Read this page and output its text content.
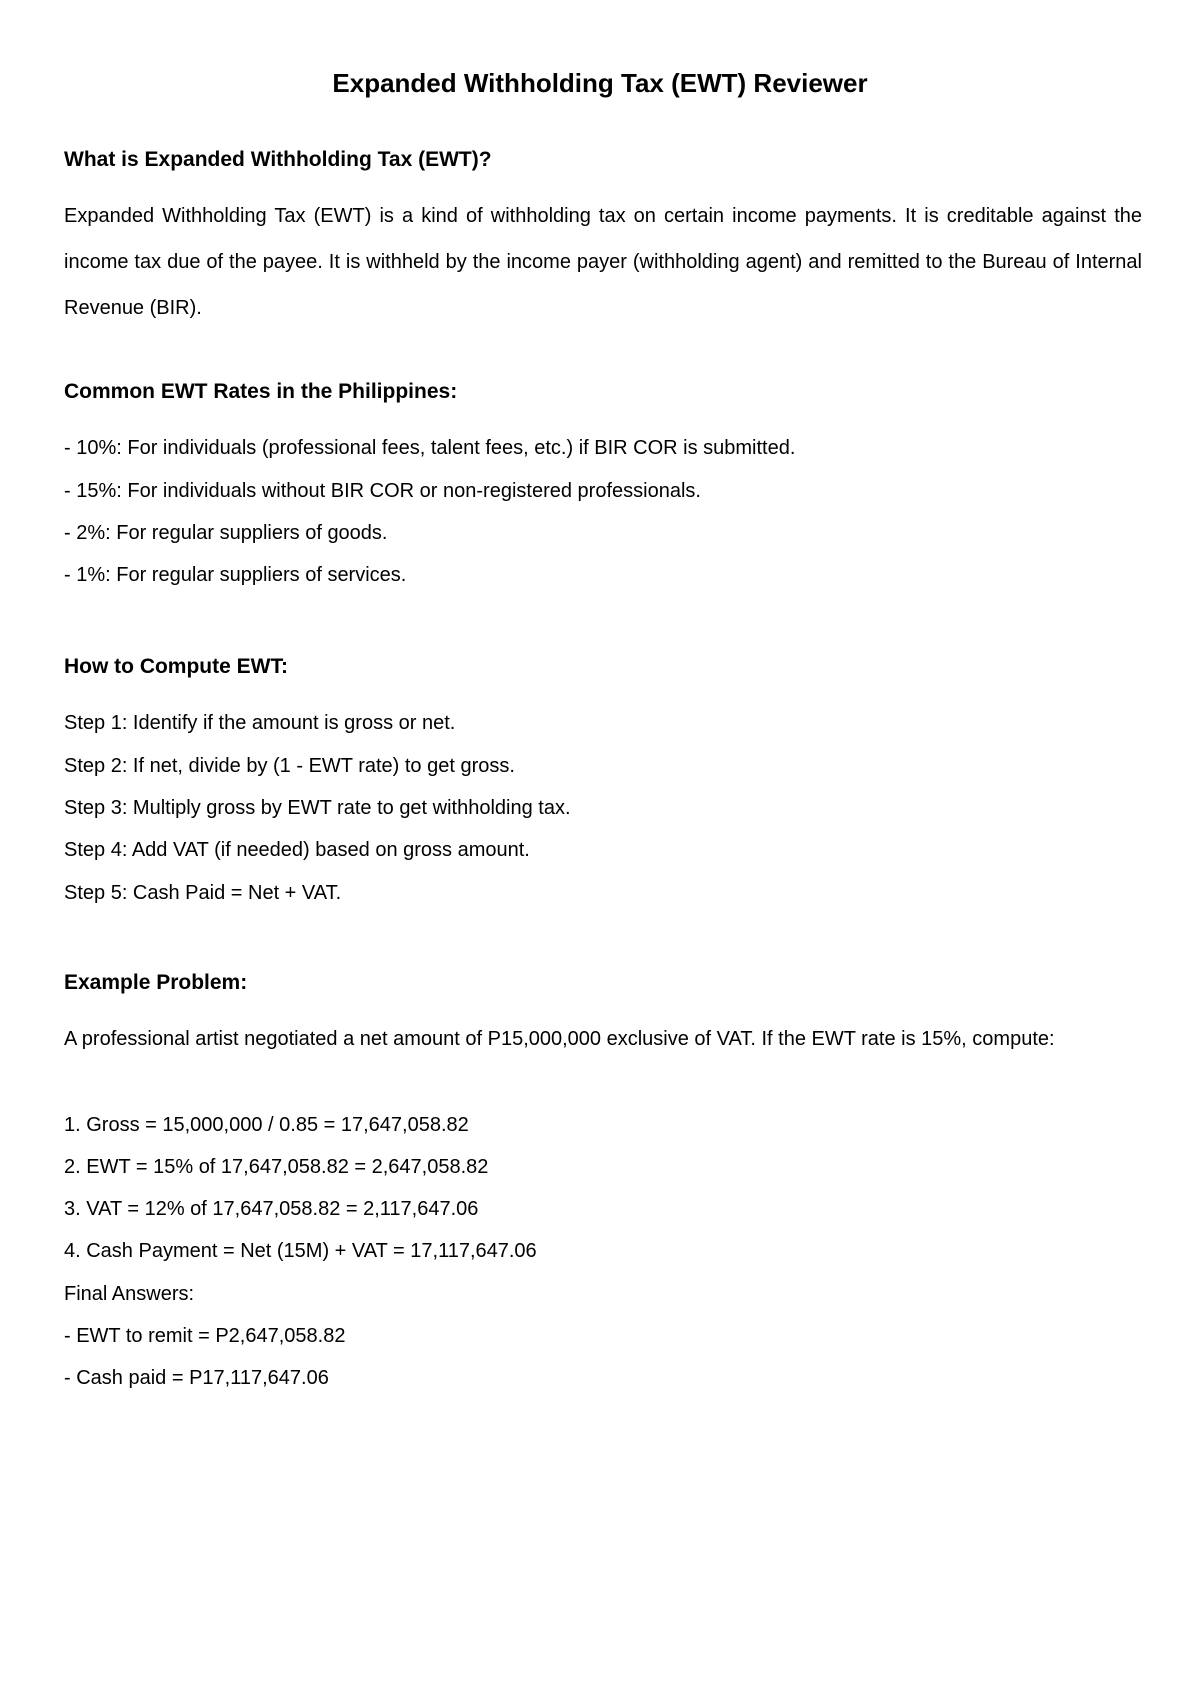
Expanded Withholding Tax (EWT) Reviewer
What is Expanded Withholding Tax (EWT)?

Expanded Withholding Tax (EWT) is a kind of withholding tax on certain income payments. It is creditable against the income tax due of the payee. It is withheld by the income payer (withholding agent) and remitted to the Bureau of Internal Revenue (BIR).

Common EWT Rates in the Philippines:

- 10%: For individuals (professional fees, talent fees, etc.) if BIR COR is submitted.

- 15%: For individuals without BIR COR or non-registered professionals.

- 2%: For regular suppliers of goods.

- 1%: For regular suppliers of services.

How to Compute EWT:

Step 1: Identify if the amount is gross or net.

Step 2: If net, divide by (1 - EWT rate) to get gross.

Step 3: Multiply gross by EWT rate to get withholding tax.

Step 4: Add VAT (if needed) based on gross amount.

Step 5: Cash Paid = Net + VAT.

Example Problem:

A professional artist negotiated a net amount of P15,000,000 exclusive of VAT. If the EWT rate is 15%, compute:

1. Gross = 15,000,000 / 0.85 = 17,647,058.82

2. EWT = 15% of 17,647,058.82 = 2,647,058.82

3. VAT = 12% of 17,647,058.82 = 2,117,647.06

4. Cash Payment = Net (15M) + VAT = 17,117,647.06

Final Answers:

- EWT to remit = P2,647,058.82

- Cash paid = P17,117,647.06
